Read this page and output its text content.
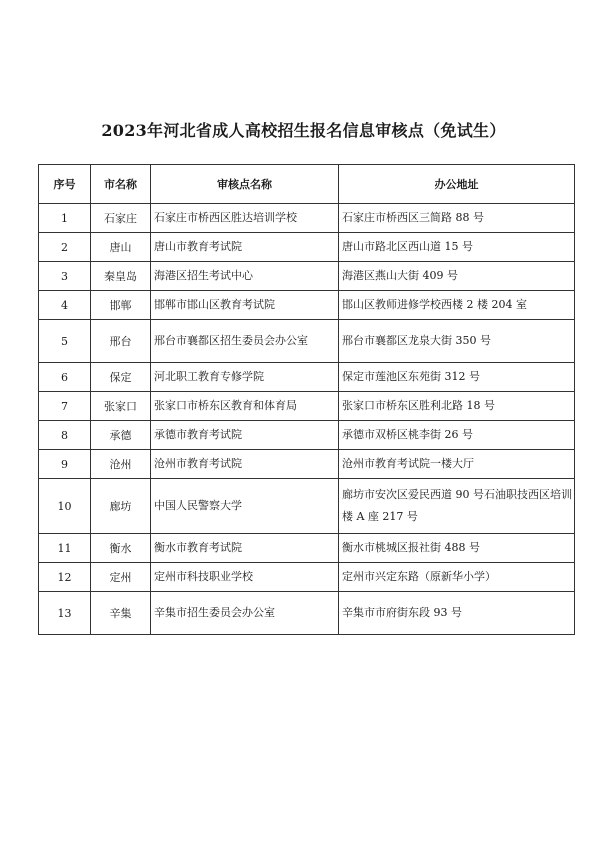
2023年河北省成人高校招生报名信息审核点（免试生）
序号	市名称	审核点名称	办公地址
1	石家庄	石家庄市桥西区胜达培训学校	石家庄市桥西区三简路 88 号
2	唐山	唐山市教育考试院	唐山市路北区西山道 15 号
3	秦皇岛	海港区招生考试中心	海港区燕山大街 409 号
4	邯郸	邯郸市邯山区教育考试院	邯山区教师进修学校西楼 2 楼 204 室
5	邢台	邢台市襄都区招生委员会办公室	邢台市襄都区龙泉大街 350 号
6	保定	河北职工教育专修学院	保定市莲池区东苑街 312 号
7	张家口	张家口市桥东区教育和体育局	张家口市桥东区胜利北路 18 号
8	承德	承德市教育考试院	承德市双桥区桃李街 26 号
9	沧州	沧州市教育考试院	沧州市教育考试院一楼大厅
10	廊坊	中国人民警察大学	廊坊市安次区爱民西道 90 号石油职技西区培训楼 A 座 217 号
11	衡水	衡水市教育考试院	衡水市桃城区报社街 488 号
12	定州	定州市科技职业学校	定州市兴定东路（原新华小学）
13	辛集	辛集市招生委员会办公室	辛集市市府街东段 93 号
